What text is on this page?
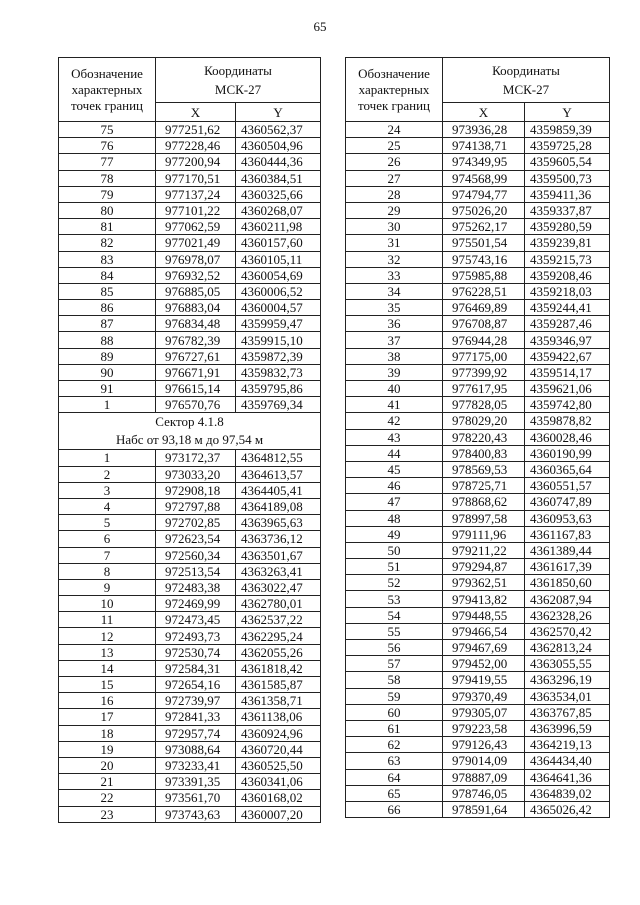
65
Обозначение
характерных
точек границ	Координаты
МСК-27	
	X	Y
75	977251,62	4360562,37
76	977228,46	4360504,96
77	977200,94	4360444,36
78	977170,51	4360384,51
79	977137,24	4360325,66
80	977101,22	4360268,07
81	977062,59	4360211,98
82	977021,49	4360157,60
83	976978,07	4360105,11
84	976932,52	4360054,69
85	976885,05	4360006,52
86	976883,04	4360004,57
87	976834,48	4359959,47
88	976782,39	4359915,10
89	976727,61	4359872,39
90	976671,91	4359832,73
91	976615,14	4359795,86
1	976570,76	4359769,34
Сектор 4.1.8
Набс от 93,18 м до 97,54 м		
1	973172,37	4364812,55
2	973033,20	4364613,57
3	972908,18	4364405,41
4	972797,88	4364189,08
5	972702,85	4363965,63
6	972623,54	4363736,12
7	972560,34	4363501,67
8	972513,54	4363263,41
9	972483,38	4363022,47
10	972469,99	4362780,01
11	972473,45	4362537,22
12	972493,73	4362295,24
13	972530,74	4362055,26
14	972584,31	4361818,42
15	972654,16	4361585,87
16	972739,97	4361358,71
17	972841,33	4361138,06
18	972957,74	4360924,96
19	973088,64	4360720,44
20	973233,41	4360525,50
21	973391,35	4360341,06
22	973561,70	4360168,02
23	973743,63	4360007,20
Обозначение
характерных
точек границ	Координаты
МСК-27	
	X	Y
24	973936,28	4359859,39
25	974138,71	4359725,28
26	974349,95	4359605,54
27	974568,99	4359500,73
28	974794,77	4359411,36
29	975026,20	4359337,87
30	975262,17	4359280,59
31	975501,54	4359239,81
32	975743,16	4359215,73
33	975985,88	4359208,46
34	976228,51	4359218,03
35	976469,89	4359244,41
36	976708,87	4359287,46
37	976944,28	4359346,97
38	977175,00	4359422,67
39	977399,92	4359514,17
40	977617,95	4359621,06
41	977828,05	4359742,80
42	978029,20	4359878,82
43	978220,43	4360028,46
44	978400,83	4360190,99
45	978569,53	4360365,64
46	978725,71	4360551,57
47	978868,62	4360747,89
48	978997,58	4360953,63
49	979111,96	4361167,83
50	979211,22	4361389,44
51	979294,87	4361617,39
52	979362,51	4361850,60
53	979413,82	4362087,94
54	979448,55	4362328,26
55	979466,54	4362570,42
56	979467,69	4362813,24
57	979452,00	4363055,55
58	979419,55	4363296,19
59	979370,49	4363534,01
60	979305,07	4363767,85
61	979223,58	4363996,59
62	979126,43	4364219,13
63	979014,09	4364434,40
64	978887,09	4364641,36
65	978746,05	4364839,02
66	978591,64	4365026,42
